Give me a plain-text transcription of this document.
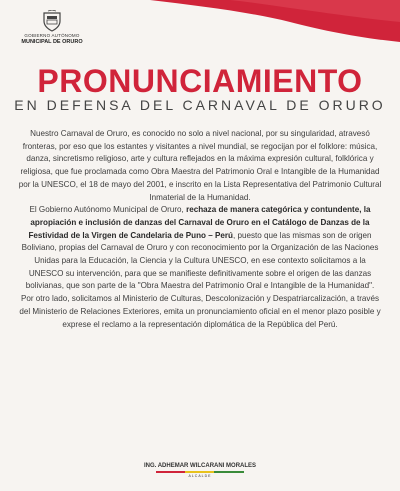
GOBIERNO AUTÓNOMO
MUNICIPAL DE ORURO
PRONUNCIAMIENTO
EN DEFENSA DEL CARNAVAL DE ORURO

Nuestro Carnaval de Oruro, es conocido no solo a nivel nacional, por su singularidad, atravesó fronteras, por eso que los estantes y visitantes a nivel mundial, se regocijan por el folklore: música, danza, sincretismo religioso, arte y cultura reflejados en la máxima expresión cultural, folklórica y religiosa, que fue proclamada como Obra Maestra del Patrimonio Oral e Intangible de la Humanidad por la UNESCO, el 18 de mayo del 2001, e inscrito en la Lista Representativa del Patrimonio Cultural Inmaterial de la Humanidad.

El Gobierno Autónomo Municipal de Oruro, rechaza de manera categórica y contundente, la apropiación e inclusión de danzas del Carnaval de Oruro en el Catálogo de Danzas de la Festividad de la Virgen de Candelaria de Puno – Perú, puesto que las mismas son de origen Boliviano, propias del Carnaval de Oruro y con reconocimiento por la Organización de las Naciones Unidas para la Educación, la Ciencia y la Cultura UNESCO, en ese contexto solicitamos a la UNESCO su intervención, para que se manifieste definitivamente sobre el origen de las danzas bolivianas, que son parte de la "Obra Maestra del Patrimonio Oral e Intangible de la Humanidad".

Por otro lado, solicitamos al Ministerio de Culturas, Descolonización y Despatriarcalización, a través del Ministerio de Relaciones Exteriores, emita un pronunciamiento oficial en el menor plazo posible y exprese el reclamo a la representación diplomática de la República del Perú.

ING. ADHEMAR WILCARANI MORALES
ALCALDE
